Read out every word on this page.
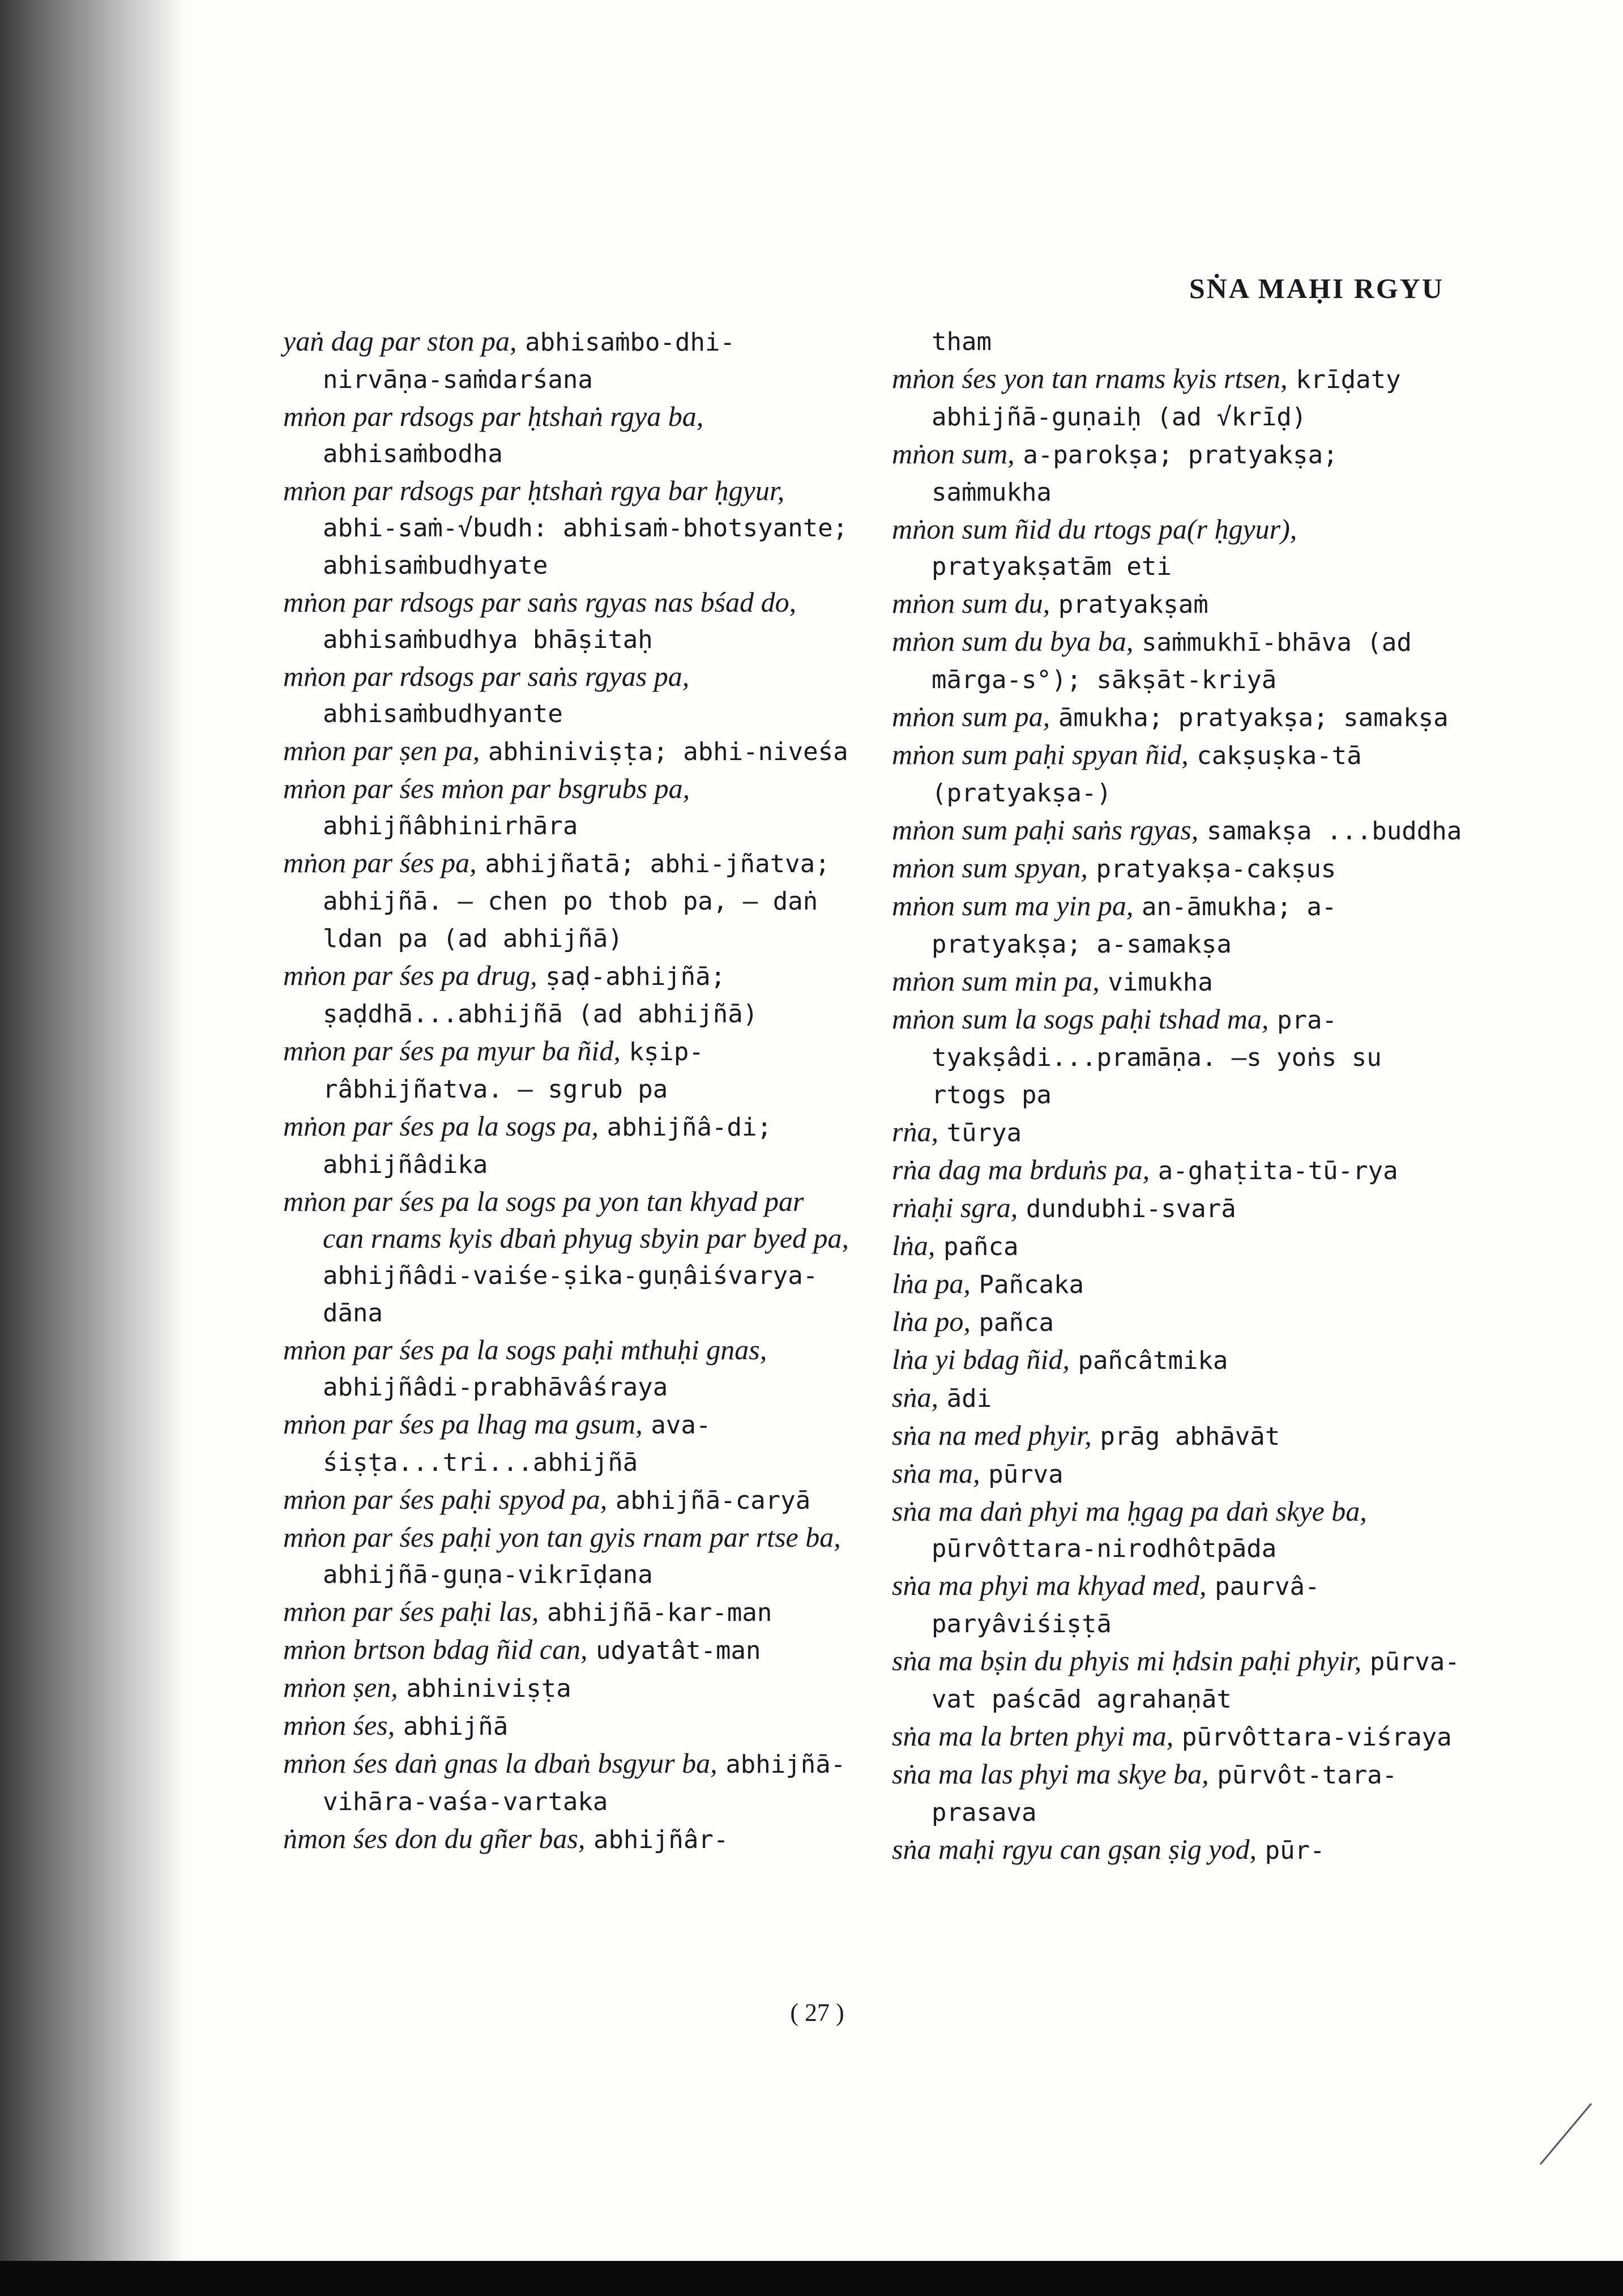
SṄA MAḤI RGYU

yaṅ dag par ston pa, abhisaṁbo-dhi-nirvāṇa-saṁdarśana

mṅon par rdsogs par ḥtshaṅ rgya ba, abhisaṁbodha

mṅon par rdsogs par ḥtshaṅ rgya bar ḥgyur, abhi-saṁ-√budh: abhisaṁ-bhotsyante; abhisaṁbudhyate

mṅon par rdsogs par saṅs rgyas nas bśad do, abhisaṁbudhya bhāṣitaḥ

mṅon par rdsogs par saṅs rgyas pa, abhisaṁbudhyante

mṅon par ṣen pa, abhiniviṣṭa; abhi-niveśa

mṅon par śes mṅon par bsgrubs pa, abhijñâbhinirhāra

mṅon par śes pa, abhijñatā; abhi-jñatva; abhijñā. — chen po thob pa, — daṅ ldan pa (ad abhijñā)

mṅon par śes pa drug, ṣaḍ-abhijñā; ṣaḍdhā...abhijñā (ad abhijñā)

mṅon par śes pa myur ba ñid, kṣip-râbhijñatva. — sgrub pa

mṅon par śes pa la sogs pa, abhijñâ-di; abhijñâdika

mṅon par śes pa la sogs pa yon tan khyad par can rnams kyis dbaṅ phyug sbyin par byed pa, abhijñâdi-vaiśe-ṣika-guṇâiśvarya-dāna

mṅon par śes pa la sogs paḥi mthuḥi gnas, abhijñâdi-prabhāvâśraya

mṅon par śes pa lhag ma gsum, ava-śiṣṭa...tri...abhijñā

mṅon par śes paḥi spyod pa, abhijñā-caryā

mṅon par śes paḥi yon tan gyis rnam par rtse ba, abhijñā-guṇa-vikrīḍana

mṅon par śes paḥi las, abhijñā-kar-man

mṅon brtson bdag ñid can, udyatât-man

mṅon ṣen, abhiniviṣṭa

mṅon śes, abhijñā

mṅon śes daṅ gnas la dbaṅ bsgyur ba, abhijñā-vihāra-vaśa-vartaka

ṅmon śes don du gñer bas, abhijñâr-

tham

mṅon śes yon tan rnams kyis rtsen, krīḍaty abhijñā-guṇaiḥ (ad √krīḍ)

mṅon sum, a-parokṣa; pratyakṣa; saṁmukha

mṅon sum ñid du rtogs pa(r ḥgyur), pratyakṣatām eti

mṅon sum du, pratyakṣaṁ

mṅon sum du bya ba, saṁmukhī-bhāva (ad mārga-s°); sākṣāt-kriyā

mṅon sum pa, āmukha; pratyakṣa; samakṣa

mṅon sum paḥi spyan ñid, cakṣuṣka-tā (pratyakṣa-)

mṅon sum paḥi saṅs rgyas, samakṣa ...buddha

mṅon sum spyan, pratyakṣa-cakṣus

mṅon sum ma yin pa, an-āmukha; a-pratyakṣa; a-samakṣa

mṅon sum min pa, vimukha

mṅon sum la sogs paḥi tshad ma, pra-tyakṣâdi...pramāṇa. —s yoṅs su rtogs pa

rṅa, tūrya

rṅa dag ma brduṅs pa, a-ghaṭita-tū-rya

rṅaḥi sgra, dundubhi-svarā

lṅa, pañca

lṅa pa, Pañcaka

lṅa po, pañca

lṅa yi bdag ñid, pañcâtmika

sṅa, ādi

sṅa na med phyir, prāg abhāvāt

sṅa ma, pūrva

sṅa ma daṅ phyi ma ḥgag pa daṅ skye ba, pūrvôttara-nirodhôtpāda

sṅa ma phyi ma khyad med, paurvâ-paryâviśiṣṭā

sṅa ma bṣin du phyis mi ḥdsin paḥi phyir, pūrva-vat paścād agrahaṇāt

sṅa ma la brten phyi ma, pūrvôttara-viśraya

sṅa ma las phyi ma skye ba, pūrvôt-tara-prasava

sṅa maḥi rgyu can gṣan ṣig yod, pūr-

( 27 )
